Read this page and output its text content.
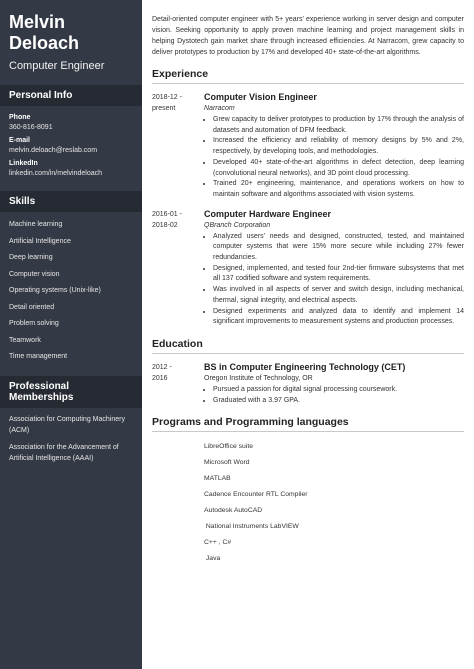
Melvin
Deloach
Computer Engineer
Personal Info
Phone
360-816-8091
E-mail
melvin.deloach@reslab.com
LinkedIn
linkedin.com/in/melvindeloach
Skills
Machine learning
Artificial Intelligence
Deep learning
Computer vision
Operating systems (Unix-like)
Detail oriented
Problem solving
Teamwork
Time management
Professional Memberships
Association for Computing Machinery (ACM)
Association for the Advancement of Artificial Intelligence (AAAI)

Detail-oriented computer engineer with 5+ years' experience working in server design and computer vision. Seeking opportunity to apply proven machine learning and project management skills in helping Dystotech gain market share through increased efficiencies. At Narracom, grew capacity to deliver prototypes to production by 17% and developed 40+ state-of-the-art algorithms.

Experience
2018-12 -
present
Computer Vision Engineer
Narracom
• Grew capacity to deliver prototypes to production by 17% through the analysis of datasets and automation of DFM feedback.
• Increased the efficiency and reliability of memory designs by 5% and 2%, respectively, by developing tools, and methodologies.
• Developed 40+ state-of-the-art algorithms in defect detection, deep learning (convolutional neural networks), and 3D point cloud processing.
• Trained 20+ engineering, maintenance, and operations workers on how to maintain software and algorithms associated with vision systems.
2016-01 -
2018-02
Computer Hardware Engineer
QBranch Corporation
• Analyzed users' needs and designed, constructed, tested, and maintained computer systems that were 15% more secure while including 27% fewer redundancies.
• Designed, implemented, and tested four 2nd-tier firmware subsystems that met all 137 codified software and system requirements.
• Was involved in all aspects of server and switch design, including mechanical, thermal, signal integrity, and electrical aspects.
• Designed experiments and analyzed data to identify and implement 14 significant improvements to measurement systems and production processes.
Education
2012 -
2016
BS in Computer Engineering Technology (CET)
Oregon Institute of Technology, OR
• Pursued a passion for digital signal processing coursework.
• Graduated with a 3.97 GPA.
Programs and Programming languages
LibreOffice suite
Microsoft Word
MATLAB
Cadence Encounter RTL Compiler
Autodesk AutoCAD
National Instruments LabVIEW
C++ , C#
Java
